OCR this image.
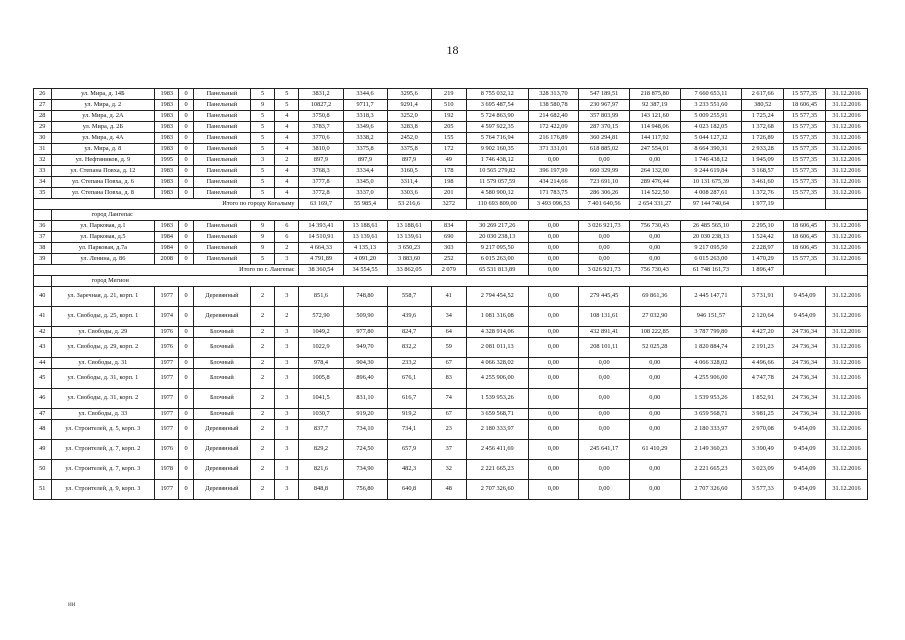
18
26	ул. Мира, д. 14Б	1983	0	Панельный	5	5	3831,2	3344,6	3295,6	219	8 755 032,12	328 313,70	547 189,51	218 875,80	7 660 653,11	2 617,66	15 577,35	31.12.2016
27	ул. Мира, д. 2	1983	0	Панельный	9	5	10827,2	9711,7	9291,4	510	3 695 487,54	138 580,78	230 967,97	92 387,19	3 233 551,60	380,52	18 606,45	31.12.2016
28	ул. Мира, д. 2А	1983	0	Панельный	5	4	3750,8	3318,3	3252,0	192	5 724 863,90	214 682,40	357 803,99	143 121,60	5 009 255,91	1 725,24	15 577,35	31.12.2016
29	ул. Мира, д. 2Б	1983	0	Панельный	5	4	3783,7	3349,6	3283,8	205	4 597 922,35	172 422,09	287 370,15	114 948,06	4 023 182,05	1 372,68	15 577,35	31.12.2016
30	ул. Мира, д. 4А	1983	0	Панельный	5	4	3770,6	3338,2	2452,0	155	5 764 716,94	216 176,89	360 294,81	144 117,92	5 044 127,32	1 726,89	15 577,35	31.12.2016
31	ул. Мира, д. 8	1983	0	Панельный	5	4	3810,0	3375,8	3375,8	172	9 902 160,35	371 331,01	618 885,02	247 554,01	8 664 390,31	2 933,28	15 577,35	31.12.2016
32	ул. Нефтяников, д. 9	1995	0	Панельный	3	2	897,9	897,9	897,9	49	1 746 438,12	0,00	0,00	0,00	1 746 438,12	1 945,09	15 577,35	31.12.2016
33	ул. Степана Повха, д. 12	1983	0	Панельный	5	4	3768,3	3334,4	3160,5	178	10 565 279,82	396 197,99	660 329,99	264 132,00	9 244 619,84	3 168,57	15 577,35	31.12.2016
34	ул. Степана Повха, д. 6	1983	0	Панельный	5	4	3777,8	3345,0	3311,4	198	11 579 057,59	434 214,66	723 691,10	289 476,44	10 131 675,39	3 461,60	15 577,35	31.12.2016
35	ул. Степана Повха, д. 8	1983	0	Панельный	5	4	3772,8	3337,0	3303,6	201	4 580 900,12	171 783,75	286 306,26	114 522,50	4 008 287,61	1 372,76	15 577,35	31.12.2016
Итого по городу Когалыму							63 169,7	55 985,4	53 216,6	3272	110 693 809,00	3 493 096,53	7 401 640,56	2 654 331,27	97 144 740,64	1 977,19		
	город Лангепас																	
36	ул. Парковая, д.1	1983	0	Панельный	9	6	14 393,41	13 188,61	13 188,61	834	30 269 217,26	0,00	3 026 921,73	756 730,43	26 485 565,10	2 295,10	18 606,45	31.12.2016
37	ул. Парковая, д.5	1984	0	Панельный	9	6	14 510,91	13 139,61	13 139,61	690	20 030 238,13	0,00	0,00	0,00	20 030 238,13	1 524,42	18 606,45	31.12.2016
38	ул. Парковая, д.7а	1984	0	Панельный	9	2	4 664,33	4 135,13	3 650,23	303	9 217 095,50	0,00	0,00	0,00	9 217 095,50	2 228,97	18 606,45	31.12.2016
39	ул. Ленина, д. 86	2008	0	Панельный	5	3	4 791,89	4 091,20	3 883,60	252	6 015 263,00	0,00	0,00	0,00	6 015 263,00	1 470,29	15 577,35	31.12.2016
Итого по г. Лангепас							38 360,54	34 554,55	33 862,05	2 079	65 531 813,89	0,00	3 026 921,73	756 730,43	61 748 161,73	1 896,47		
	город Мегион																	
40	ул. Заречная, д. 21, корп. 1	1977	0	Деревянный	2	3	851,6	748,80	558,7	41	2 794 454,52	0,00	279 445,45	69 861,36	2 445 147,71	3 731,91	9 454,09	31.12.2016
41	ул. Свободы, д. 25, корп. 1	1974	0	Деревянный	2	2	572,90	509,90	439,6	34	1 081 316,08	0,00	108 131,61	27 032,90	946 151,57	2 120,64	9 454,09	31.12.2016
42	ул. Свободы, д. 29	1976	0	Блочный	2	3	1049,2	977,80	824,7	64	4 328 914,06	0,00	432 891,41	108 222,85	3 787 799,80	4 427,20	24 736,34	31.12.2016
43	ул. Свободы, д. 29, корп. 2	1976	0	Блочный	2	3	1022,9	949,70	832,2	59	2 081 011,13	0,00	208 101,11	52 025,28	1 820 884,74	2 191,23	24 736,34	31.12.2016
44	ул. Свободы, д. 31	1977	0	Блочный	2	3	978,4	904,30	233,2	67	4 066 328,02	0,00	0,00	0,00	4 066 328,02	4 496,66	24 736,34	31.12.2016
45	ул. Свободы, д. 31, корп. 1	1977	0	Блочный	2	3	1005,8	896,40	676,1	83	4 255 906,00	0,00	0,00	0,00	4 255 906,00	4 747,78	24 736,34	31.12.2016
46	ул. Свободы, д. 31, корп. 2	1977	0	Блочный	2	3	1041,5	831,10	616,7	74	1 539 953,26	0,00	0,00	0,00	1 539 953,26	1 852,91	24 736,34	31.12.2016
47	ул. Свободы, д. 33	1977	0	Блочный	2	3	1030,7	919,20	919,2	67	3 659 568,71	0,00	0,00	0,00	3 659 568,71	3 981,25	24 736,34	31.12.2016
48	ул. Строителей, д. 5, корп. 3	1977	0	Деревянный	2	3	837,7	734,10	734,1	23	2 180 333,97	0,00	0,00	0,00	2 180 333,97	2 970,08	9 454,09	31.12.2016
49	ул. Строителей, д. 7, корп. 2	1976	0	Деревянный	2	3	829,2	724,50	657,9	37	2 456 411,69	0,00	245 641,17	61 410,29	2 149 360,23	3 390,49	9 454,09	31.12.2016
50	ул. Строителей, д. 7, корп. 3	1978	0	Деревянный	2	3	821,6	734,90	482,3	32	2 221 665,23	0,00	0,00	0,00	2 221 665,23	3 023,09	9 454,09	31.12.2016
51	ул. Строителей, д. 9, корп. 3	1977	0	Деревянный	2	3	848,8	756,80	640,8	48	2 707 326,60	0,00	0,00	0,00	2 707 326,60	3 577,33	9 454,09	31.12.2016
ии
